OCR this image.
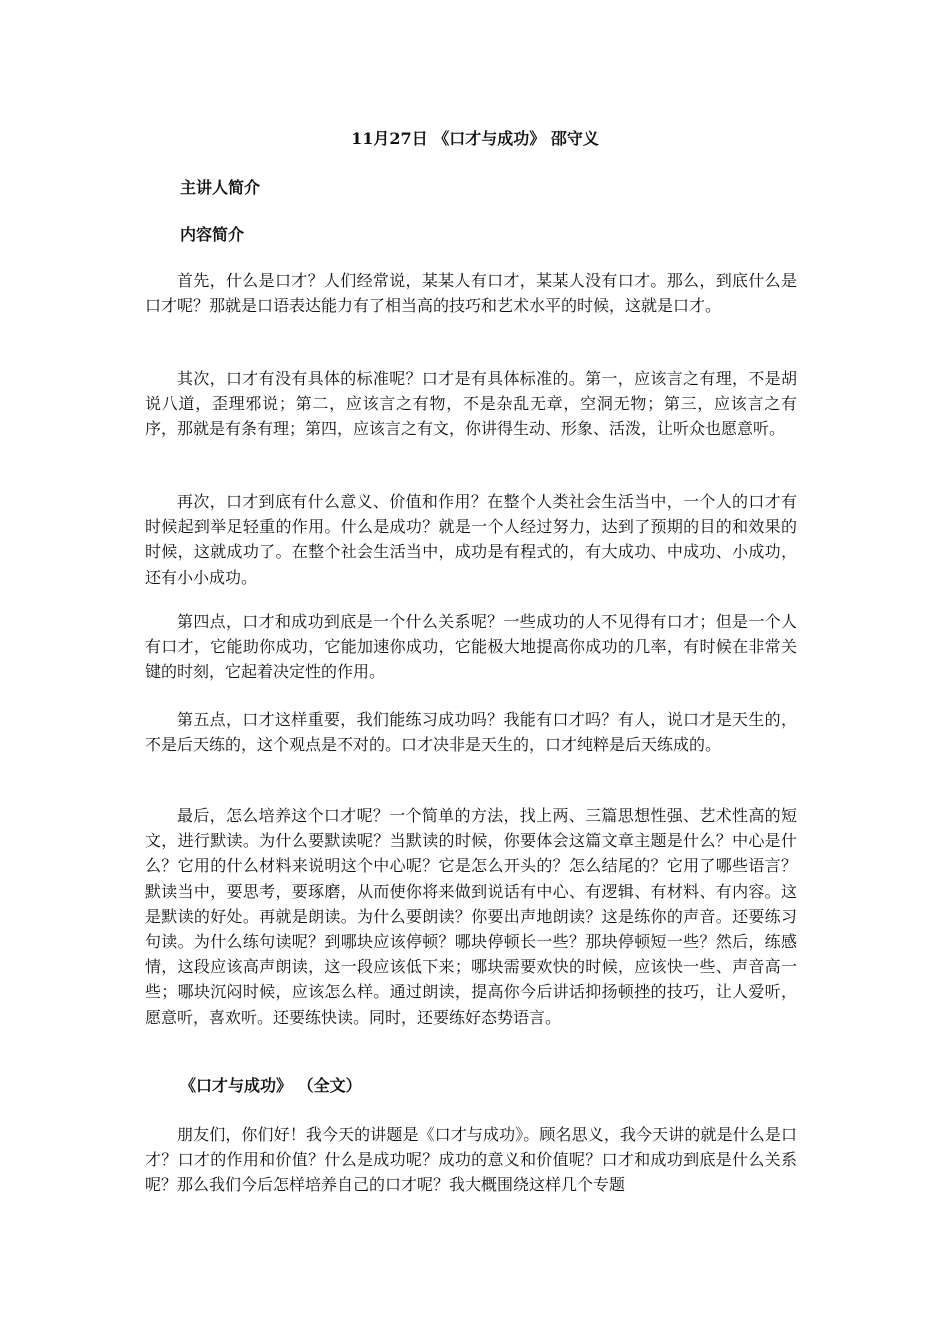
11月27日 《口才与成功》 邵守义
主讲人简介
内容简介

首先，什么是口才？人们经常说，某某人有口才，某某人没有口才。那么，到底什么是口才呢？那就是口语表达能力有了相当高的技巧和艺术水平的时候，这就是口才。

其次，口才有没有具体的标准呢？口才是有具体标准的。第一，应该言之有理，不是胡说八道，歪理邪说；第二，应该言之有物，不是杂乱无章，空洞无物；第三，应该言之有序，那就是有条有理；第四，应该言之有文，你讲得生动、形象、活泼，让听众也愿意听。

再次，口才到底有什么意义、价值和作用？在整个人类社会生活当中，一个人的口才有时候起到举足轻重的作用。什么是成功？就是一个人经过努力，达到了预期的目的和效果的时候，这就成功了。在整个社会生活当中，成功是有程式的，有大成功、中成功、小成功，还有小小成功。

第四点，口才和成功到底是一个什么关系呢？一些成功的人不见得有口才；但是一个人有口才，它能助你成功，它能加速你成功，它能极大地提高你成功的几率，有时候在非常关键的时刻，它起着决定性的作用。

第五点，口才这样重要，我们能练习成功吗？我能有口才吗？有人，说口才是天生的，不是后天练的，这个观点是不对的。口才决非是天生的，口才纯粹是后天练成的。

最后，怎么培养这个口才呢？一个简单的方法，找上两、三篇思想性强、艺术性高的短文，进行默读。为什么要默读呢？当默读的时候，你要体会这篇文章主题是什么？中心是什么？它用的什么材料来说明这个中心呢？它是怎么开头的？怎么结尾的？它用了哪些语言？默读当中，要思考，要琢磨，从而使你将来做到说话有中心、有逻辑、有材料、有内容。这是默读的好处。再就是朗读。为什么要朗读？你要出声地朗读？这是练你的声音。还要练习句读。为什么练句读呢？到哪块应该停顿？哪块停顿长一些？那块停顿短一些？然后，练感情，这段应该高声朗读，这一段应该低下来；哪块需要欢快的时候，应该快一些、声音高一些；哪块沉闷时候，应该怎么样。通过朗读，提高你今后讲话抑扬顿挫的技巧，让人爱听，愿意听，喜欢听。还要练快读。同时，还要练好态势语言。

《口才与成功》 （全文）

朋友们，你们好！我今天的讲题是《口才与成功》。顾名思义，我今天讲的就是什么是口才？口才的作用和价值？什么是成功呢？成功的意义和价值呢？口才和成功到底是什么关系呢？那么我们今后怎样培养自己的口才呢？我大概围绕这样几个专题
